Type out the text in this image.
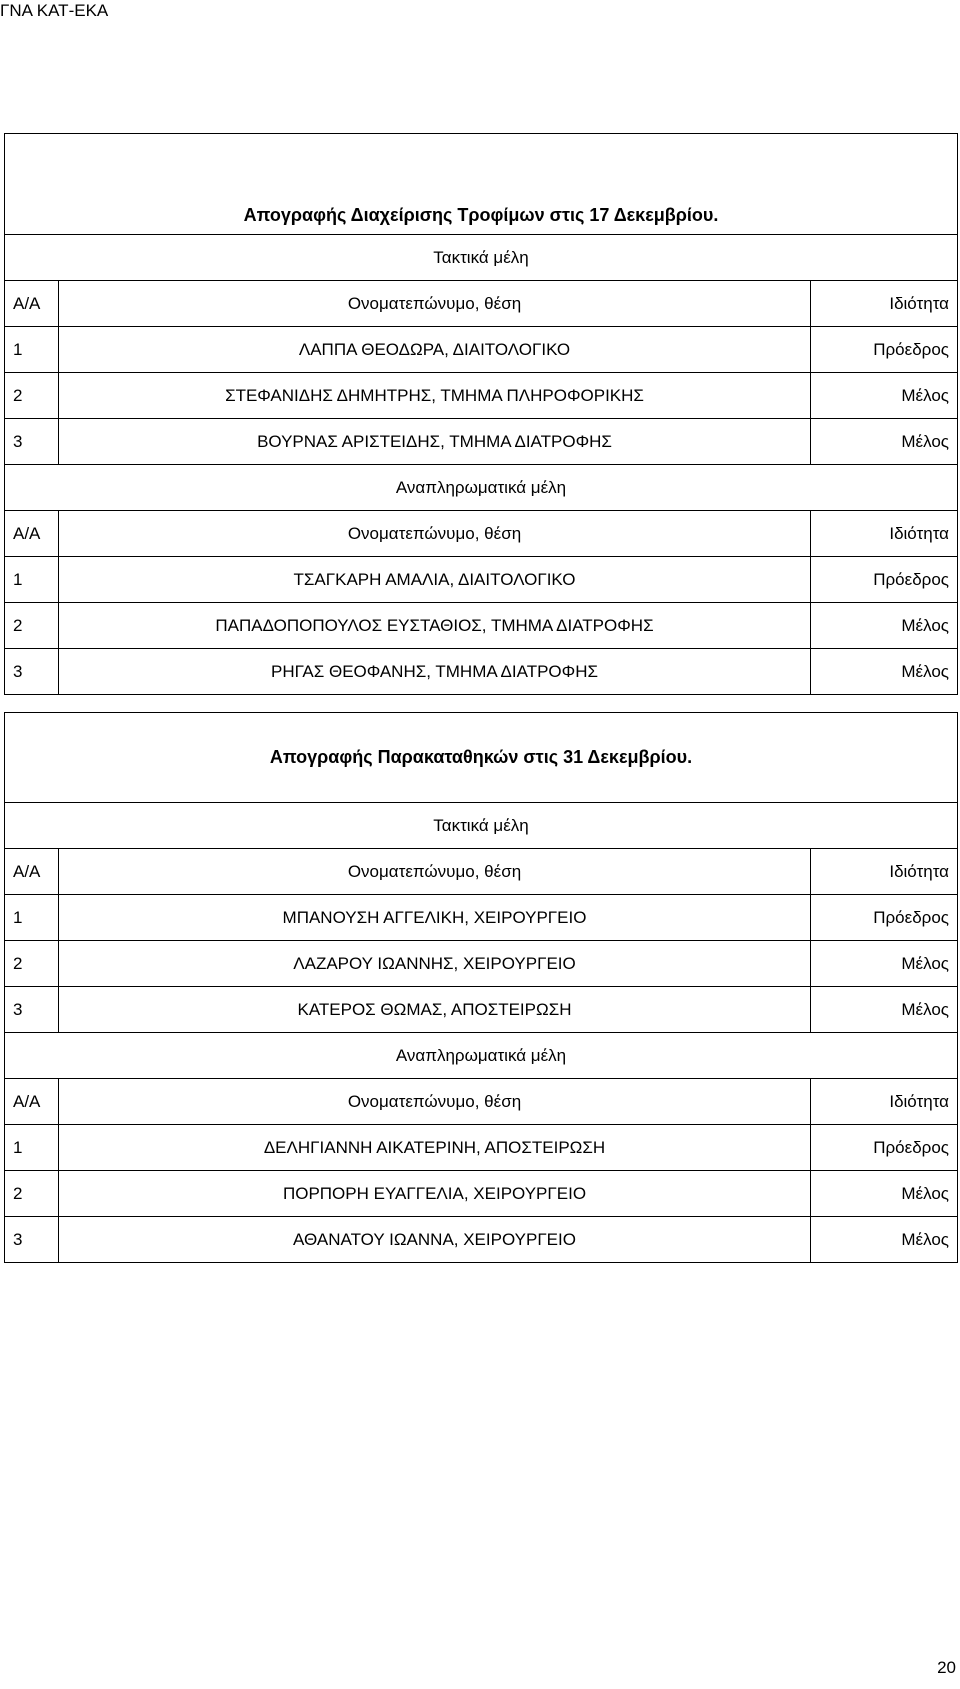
ΓΝΑ ΚΑΤ-ΕΚΑ
Απογραφής Διαχείρισης Τροφίμων στις 17 Δεκεμβρίου.		
Τακτικά μέλη		
Α/Α	Ονοματεπώνυμο, θέση	Ιδιότητα
1	ΛΑΠΠΑ ΘΕΟΔΩΡΑ, ΔΙΑΙΤΟΛΟΓΙΚΟ	Πρόεδρος
2	ΣΤΕΦΑΝΙΔΗΣ ΔΗΜΗΤΡΗΣ, ΤΜΗΜΑ ΠΛΗΡΟΦΟΡΙΚΗΣ	Μέλος
3	ΒΟΥΡΝΑΣ ΑΡΙΣΤΕΙΔΗΣ, ΤΜΗΜΑ ΔΙΑΤΡΟΦΗΣ	Μέλος
Αναπληρωματικά μέλη		
Α/Α	Ονοματεπώνυμο, θέση	Ιδιότητα
1	ΤΣΑΓΚΑΡΗ ΑΜΑΛΙΑ, ΔΙΑΙΤΟΛΟΓΙΚΟ	Πρόεδρος
2	ΠΑΠΑΔΟΠΟΠΟΥΛΟΣ ΕΥΣΤΑΘΙΟΣ, ΤΜΗΜΑ ΔΙΑΤΡΟΦΗΣ	Μέλος
3	ΡΗΓΑΣ ΘΕΟΦΑΝΗΣ, ΤΜΗΜΑ ΔΙΑΤΡΟΦΗΣ	Μέλος
Απογραφής Παρακαταθηκών στις 31 Δεκεμβρίου.		
Τακτικά μέλη		
Α/Α	Ονοματεπώνυμο, θέση	Ιδιότητα
1	ΜΠΑΝΟΥΣΗ ΑΓΓΕΛΙΚΗ, ΧΕΙΡΟΥΡΓΕΙΟ	Πρόεδρος
2	ΛΑΖΑΡΟΥ ΙΩΑΝΝΗΣ, ΧΕΙΡΟΥΡΓΕΙΟ	Μέλος
3	ΚΑΤΕΡΟΣ ΘΩΜΑΣ, ΑΠΟΣΤΕΙΡΩΣΗ	Μέλος
Αναπληρωματικά μέλη		
Α/Α	Ονοματεπώνυμο, θέση	Ιδιότητα
1	ΔΕΛΗΓΙΑΝΝΗ ΑΙΚΑΤΕΡΙΝΗ, ΑΠΟΣΤΕΙΡΩΣΗ	Πρόεδρος
2	ΠΟΡΠΟΡΗ ΕΥΑΓΓΕΛΙΑ, ΧΕΙΡΟΥΡΓΕΙΟ	Μέλος
3	ΑΘΑΝΑΤΟΥ ΙΩΑΝΝΑ, ΧΕΙΡΟΥΡΓΕΙΟ	Μέλος
20
